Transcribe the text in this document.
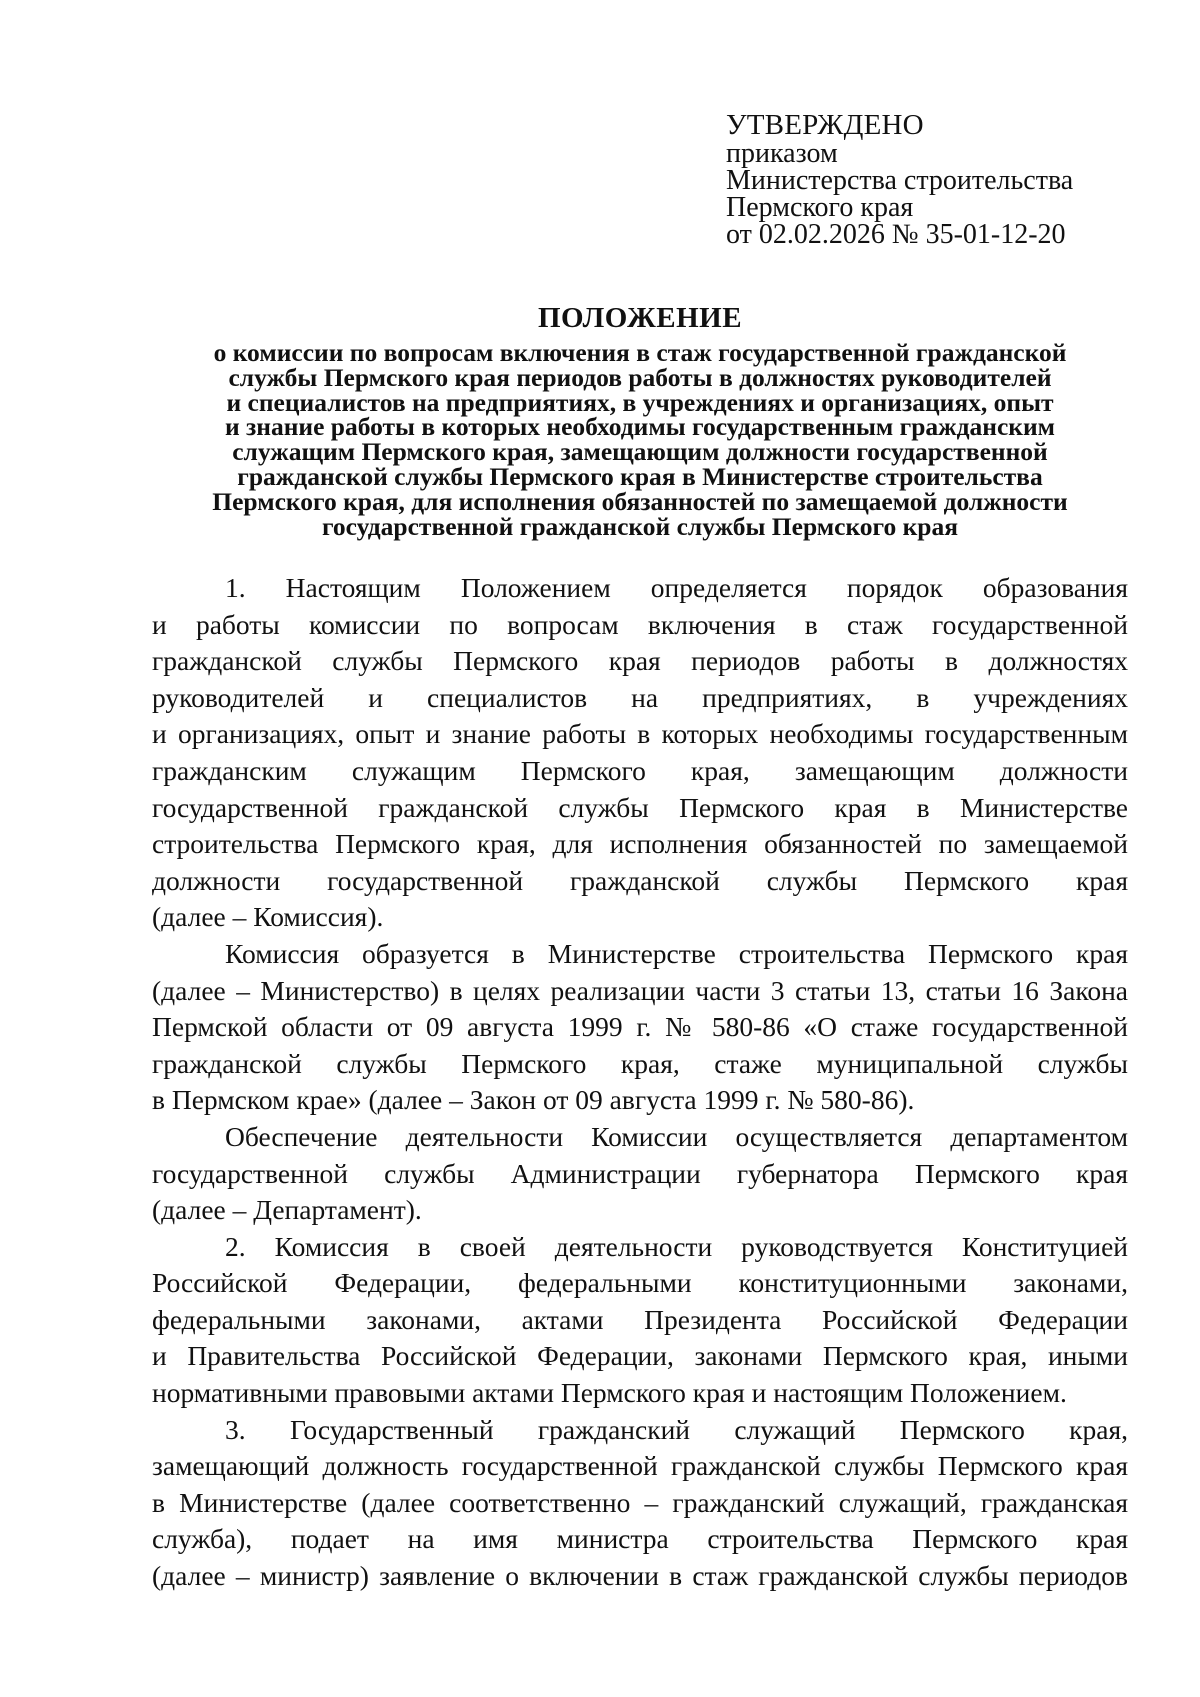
УТВЕРЖДЕНО
приказом
Министерства строительства
Пермского края
от 02.02.2026 № 35-01-12-20
ПОЛОЖЕНИЕ
о комиссии по вопросам включения в стаж государственной гражданской
службы Пермского края периодов работы в должностях руководителей
и специалистов на предприятиях, в учреждениях и организациях, опыт
и знание работы в которых необходимы государственным гражданским
служащим Пермского края, замещающим должности государственной
гражданской службы Пермского края в Министерстве строительства
Пермского края, для исполнения обязанностей по замещаемой должности
государственной гражданской службы Пермского края
1. Настоящим Положением определяется порядок образования
и работы комиссии по вопросам включения в стаж государственной
гражданской службы Пермского края периодов работы в должностях
руководителей и специалистов на предприятиях, в учреждениях
и организациях, опыт и знание работы в которых необходимы государственным
гражданским служащим Пермского края, замещающим должности
государственной гражданской службы Пермского края в Министерстве
строительства Пермского края, для исполнения обязанностей по замещаемой
должности государственной гражданской службы Пермского края
(далее – Комиссия).
Комиссия образуется в Министерстве строительства Пермского края
(далее – Министерство) в целях реализации части 3 статьи 13, статьи 16 Закона
Пермской области от 09 августа 1999 г. № 580-86 «О стаже государственной
гражданской службы Пермского края, стаже муниципальной службы
в Пермском крае» (далее – Закон от 09 августа 1999 г. № 580-86).
Обеспечение деятельности Комиссии осуществляется департаментом
государственной службы Администрации губернатора Пермского края
(далее – Департамент).
2. Комиссия в своей деятельности руководствуется Конституцией
Российской Федерации, федеральными конституционными законами,
федеральными законами, актами Президента Российской Федерации
и Правительства Российской Федерации, законами Пермского края, иными
нормативными правовыми актами Пермского края и настоящим Положением.
3. Государственный гражданский служащий Пермского края,
замещающий должность государственной гражданской службы Пермского края
в Министерстве (далее соответственно – гражданский служащий, гражданская
служба), подает на имя министра строительства Пермского края
(далее – министр) заявление о включении в стаж гражданской службы периодов
